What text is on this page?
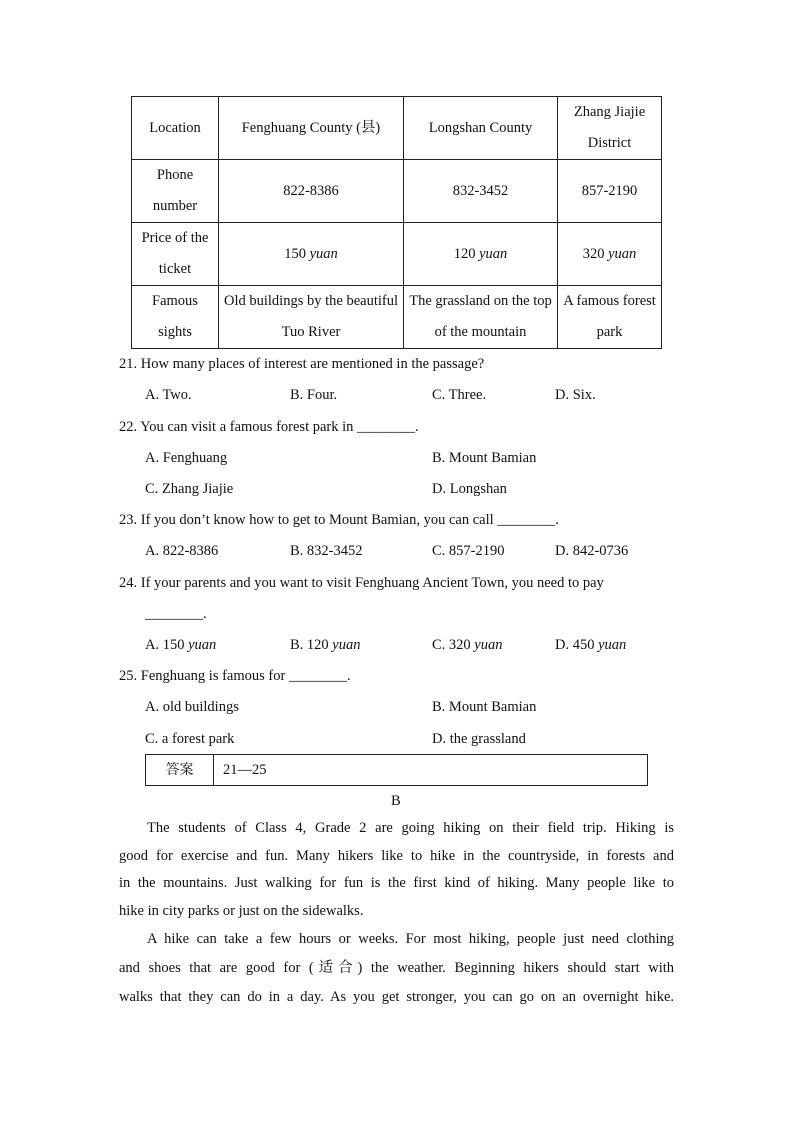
Location	Fenghuang County (县)	Longshan County	Zhang Jiajie District
Phone number	822-8386	832-3452	857-2190
Price of the ticket	150 yuan	120 yuan	320 yuan
Famous sights	Old buildings by the beautiful Tuo River	The grassland on the top of the mountain	A famous forest park
21. How many places of interest are mentioned in the passage?
A. Two.	B. Four.	C. Three.	D. Six.
22. You can visit a famous forest park in ________.
A. Fenghuang	B. Mount Bamian
C. Zhang Jiajie	D. Longshan
23. If you don’t know how to get to Mount Bamian, you can call ________.
A. 822-8386	B. 832-3452	C. 857-2190	D. 842-0736
24. If your parents and you want to visit Fenghuang Ancient Town, you need to pay
________.
A. 150 yuan	B. 120 yuan	C. 320 yuan	D. 450 yuan
25. Fenghuang is famous for ________.
A. old buildings	B. Mount Bamian
C. a forest park	D. the grassland
答案	21—25
B
The students of Class 4, Grade 2 are going hiking on their field trip. Hiking is
good for exercise and fun. Many hikers like to hike in the countryside, in forests and
in the mountains. Just walking for fun is the first kind of hiking. Many people like to
hike in city parks or just on the sidewalks.
A hike can take a few hours or weeks. For most hiking, people just need clothing
and shoes that are good for (适合) the weather. Beginning hikers should start with
walks that they can do in a day. As you get stronger, you can go on an overnight hike.
